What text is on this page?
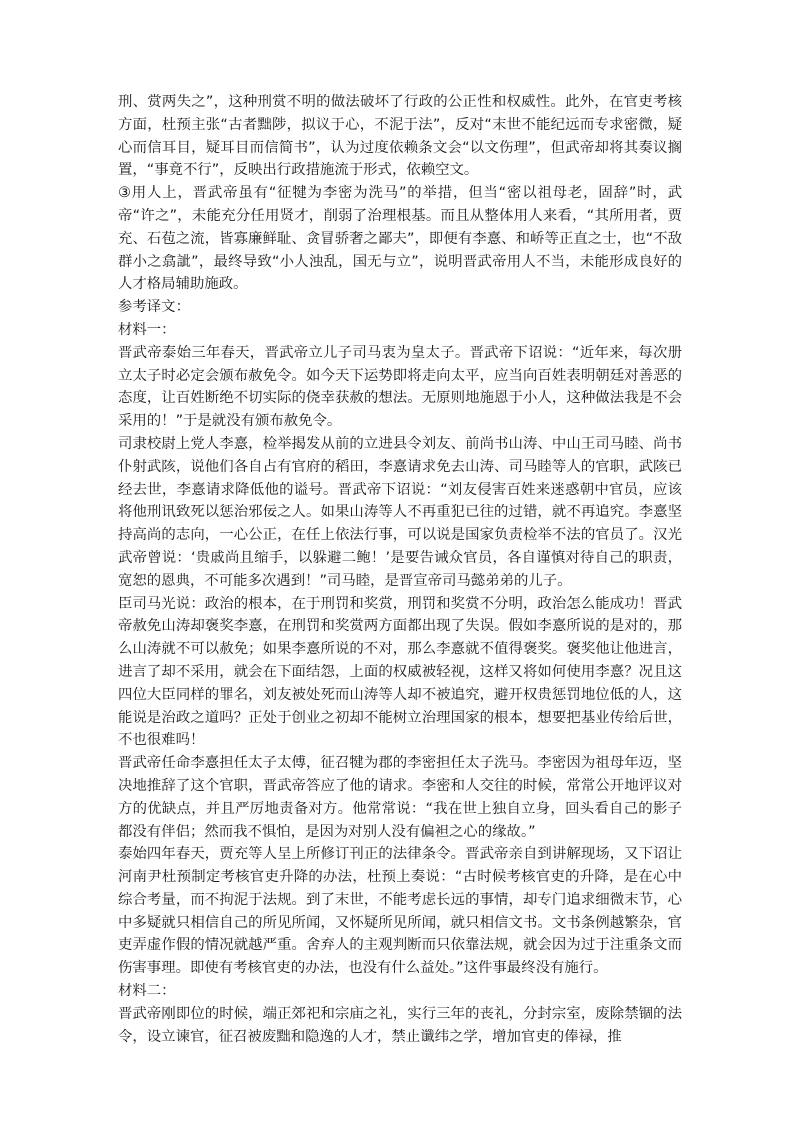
刑、赏两失之”，这种刑赏不明的做法破坏了行政的公正性和权威性。此外，在官吏考核方面，杜预主张“古者黜陟，拟议于心，不泥于法”，反对“末世不能纪远而专求密微，疑心而信耳目，疑耳目而信简书”，认为过度依赖条文会“以文伤理”，但武帝却将其奏议搁置，“事竟不行”，反映出行政措施流于形式，依赖空文。

③用人上，晋武帝虽有“征犍为李密为洗马”的举措，但当“密以祖母老，固辞”时，武帝“许之”，未能充分任用贤才，削弱了治理根基。而且从整体用人来看，“其所用者，贾充、石苞之流，皆寡廉鲜耻、贪冒骄奢之鄙夫”，即便有李憙、和峤等正直之士，也“不敌群小之翕訿”，最终导致“小人浊乱，国无与立”，说明晋武帝用人不当，未能形成良好的人才格局辅助施政。

参考译文：

材料一：

晋武帝泰始三年春天，晋武帝立儿子司马衷为皇太子。晋武帝下诏说：“近年来，每次册立太子时必定会颁布赦免令。如今天下运势即将走向太平，应当向百姓表明朝廷对善恶的态度，让百姓断绝不切实际的侥幸获赦的想法。无原则地施恩于小人，这种做法我是不会采用的！”于是就没有颁布赦免令。

司隶校尉上党人李憙，检举揭发从前的立进县令刘友、前尚书山涛、中山王司马睦、尚书仆射武陔，说他们各自占有官府的稻田，李憙请求免去山涛、司马睦等人的官职，武陔已经去世，李憙请求降低他的谥号。晋武帝下诏说：“刘友侵害百姓来迷惑朝中官员，应该将他刑讯致死以惩治邪佞之人。如果山涛等人不再重犯已往的过错，就不再追究。李憙坚持高尚的志向，一心公正，在任上依法行事，可以说是国家负责检举不法的官员了。汉光武帝曾说：‘贵戚尚且缩手，以躲避二鲍！’是要告诫众官员，各自谨慎对待自己的职责，宽恕的恩典，不可能多次遇到！”司马睦，是晋宣帝司马懿弟弟的儿子。

臣司马光说：政治的根本，在于刑罚和奖赏，刑罚和奖赏不分明，政治怎么能成功！晋武帝赦免山涛却褒奖李憙，在刑罚和奖赏两方面都出现了失误。假如李憙所说的是对的，那么山涛就不可以赦免；如果李憙所说的不对，那么李憙就不值得褒奖。褒奖他让他进言，进言了却不采用，就会在下面结怨，上面的权威被轻视，这样又将如何使用李憙？况且这四位大臣同样的罪名，刘友被处死而山涛等人却不被追究，避开权贵惩罚地位低的人，这能说是治政之道吗？正处于创业之初却不能树立治理国家的根本，想要把基业传给后世，不也很难吗！

晋武帝任命李憙担任太子太傅，征召犍为郡的李密担任太子洗马。李密因为祖母年迈，坚决地推辞了这个官职，晋武帝答应了他的请求。李密和人交往的时候，常常公开地评议对方的优缺点，并且严厉地责备对方。他常常说：“我在世上独自立身，回头看自己的影子都没有伴侣；然而我不惧怕，是因为对别人没有偏袒之心的缘故。”

泰始四年春天，贾充等人呈上所修订刊正的法律条令。晋武帝亲自到讲解现场，又下诏让河南尹杜预制定考核官吏升降的办法，杜预上奏说：“古时候考核官吏的升降，是在心中综合考量，而不拘泥于法规。到了末世，不能考虑长远的事情，却专门追求细微末节，心中多疑就只相信自己的所见所闻，又怀疑所见所闻，就只相信文书。文书条例越繁杂，官吏弄虚作假的情况就越严重。舍弃人的主观判断而只依靠法规，就会因为过于注重条文而伤害事理。即使有考核官吏的办法，也没有什么益处。”这件事最终没有施行。

材料二：

晋武帝刚即位的时候，端正郊祀和宗庙之礼，实行三年的丧礼，分封宗室，废除禁锢的法令，设立谏官，征召被废黜和隐逸的人才，禁止谶纬之学，增加官吏的俸禄，推
